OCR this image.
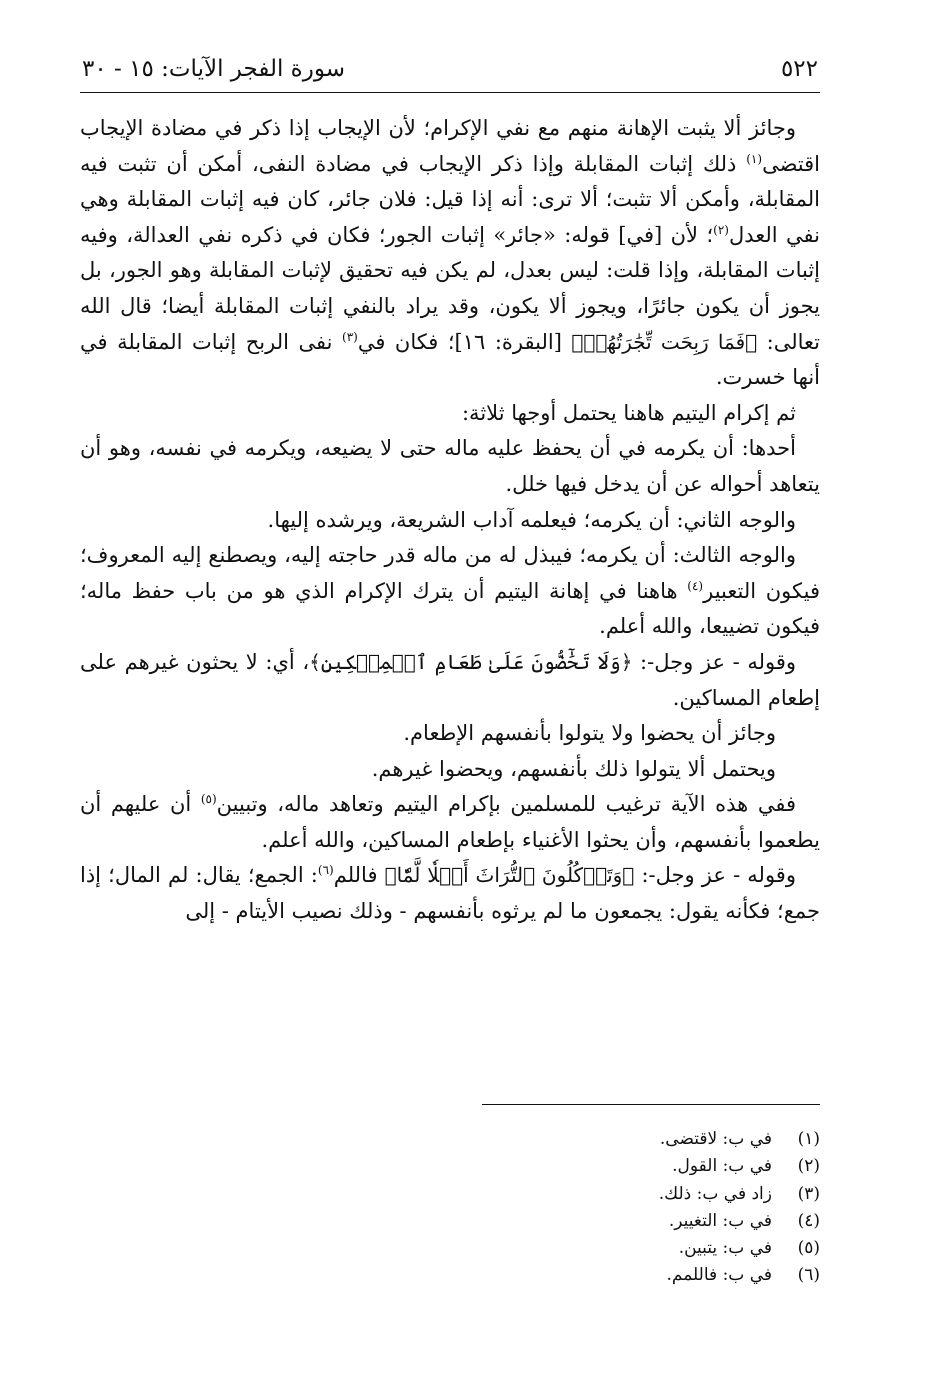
٥٢٢
سورة الفجر الآيات: ١٥ - ٣٠

وجائز ألا يثبت الإهانة منهم مع نفي الإكرام؛ لأن الإيجاب إذا ذكر في مضادة الإيجاب اقتضى$^{(١)}$ ذلك إثبات المقابلة وإذا ذكر الإيجاب في مضادة النفى، أمكن أن تثبت فيه المقابلة، وأمكن ألا تثبت؛ ألا ترى: أنه إذا قيل: فلان جائر، كان فيه إثبات المقابلة وهي نفي العدل$^{(٢)}$؛ لأن [في] قوله: «جائر» إثبات الجور؛ فكان في ذكره نفي العدالة، وفيه إثبات المقابلة، وإذا قلت: ليس بعدل، لم يكن فيه تحقيق لإثبات المقابلة وهو الجور، بل يجوز أن يكون جائرًا، ويجوز ألا يكون، وقد يراد بالنفي إثبات المقابلة أيضا؛ قال الله تعالى: ﴿فَمَا رَبِحَت تِّجَٰرَتُهُمۡ﴾ [البقرة: ١٦]؛ فكان في$^{(٣)}$ نفى الربح إثبات المقابلة في أنها خسرت.

ثم إكرام اليتيم هاهنا يحتمل أوجها ثلاثة:

أحدها: أن يكرمه في أن يحفظ عليه ماله حتى لا يضيعه، ويكرمه في نفسه، وهو أن يتعاهد أحواله عن أن يدخل فيها خلل.

والوجه الثاني: أن يكرمه؛ فيعلمه آداب الشريعة، ويرشده إليها.

والوجه الثالث: أن يكرمه؛ فيبذل له من ماله قدر حاجته إليه، ويصطنع إليه المعروف؛ فيكون التعبير$^{(٤)}$ هاهنا في إهانة اليتيم أن يترك الإكرام الذي هو من باب حفظ ماله؛ فيكون تضييعا، والله أعلم.

وقوله - عز وجل-: ﴿وَلَا تَحَٰٓضُّونَ عَلَىٰ طَعَامِ ٱلۡمِسۡكِينِ﴾، أي: لا يحثون غيرهم على إطعام المساكين.

وجائز أن يحضوا ولا يتولوا بأنفسهم الإطعام.

ويحتمل ألا يتولوا ذلك بأنفسهم، ويحضوا غيرهم.

ففي هذه الآية ترغيب للمسلمين بإكرام اليتيم وتعاهد ماله، وتبيين$^{(٥)}$ أن عليهم أن يطعموا بأنفسهم، وأن يحثوا الأغنياء بإطعام المساكين، والله أعلم.

وقوله - عز وجل-: ﴿وَتَأۡكُلُونَ ٱلتُّرَاثَ أَكۡلٗا لَّمّٗا﴾ فاللم$^{(٦)}$: الجمع؛ يقال: لم المال؛ إذا جمع؛ فكأنه يقول: يجمعون ما لم يرثوه بأنفسهم - وذلك نصيب الأيتام - إلى

(١)
في ب: لاقتضى.
(٢)
في ب: القول.
(٣)
زاد في ب: ذلك.
(٤)
في ب: التغيير.
(٥)
في ب: يتبين.
(٦)
في ب: فاللمم.
